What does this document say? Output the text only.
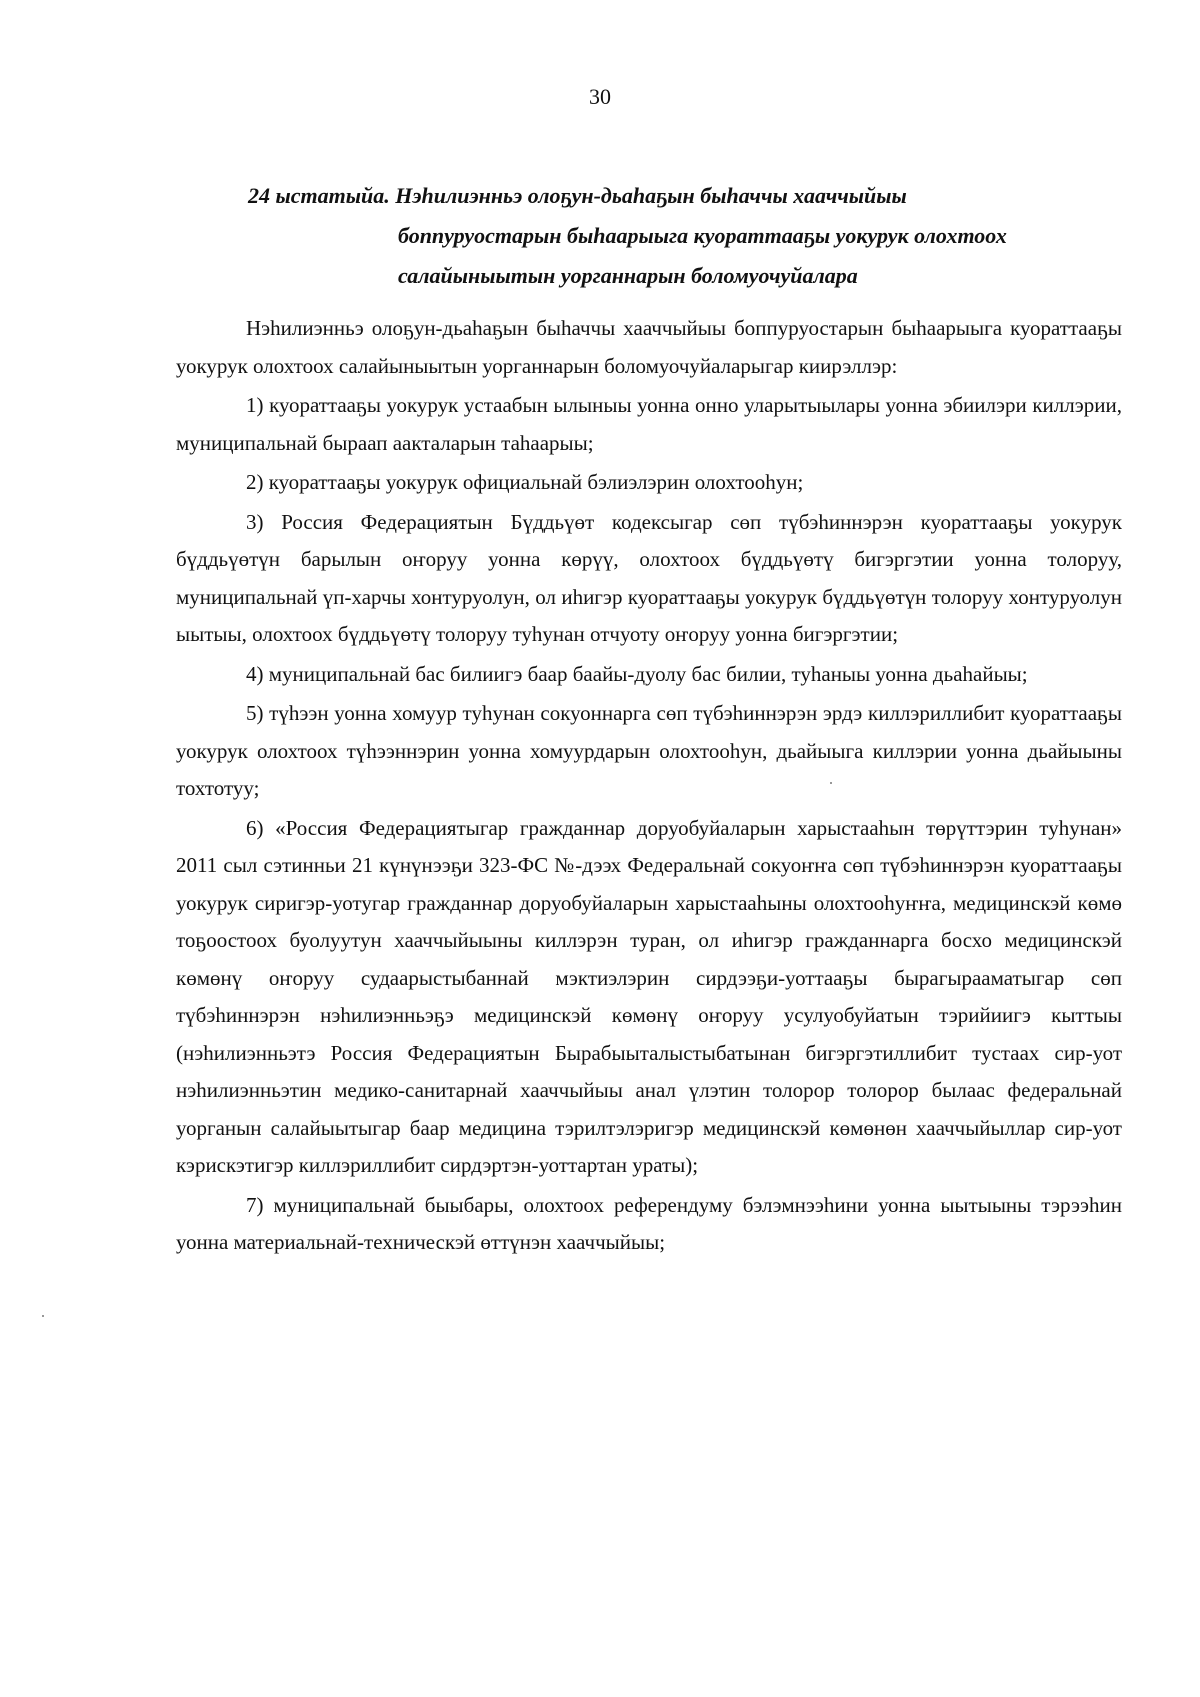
30
24 ыстатыйа. Нэһилиэнньэ олоҕун-дьаһаҕын быһаччы хааччыйыы
боппуруостарын быһаарыыга куораттааҕы уокурук олохтоох
салайыныытын уорганнарын боломуочуйалара

Нэһилиэнньэ олоҕун-дьаһаҕын быһаччы хааччыйыы боппуруостарын быһаарыыга куораттааҕы уокурук олохтоох салайыныытын уорганнарын боломуочуйаларыгар киирэллэр:

1) куораттааҕы уокурук устаабын ылыныы уонна онно уларытыылары уонна эбиилэри киллэрии, муниципальнай быраап аакталарын таһаарыы;

2) куораттааҕы уокурук официальнай бэлиэлэрин олохтооһун;

3) Россия Федерациятын Бүддьүөт кодексыгар сөп түбэһиннэрэн куораттааҕы уокурук бүддьүөтүн барылын оҥоруу уонна көрүү, олохтоох бүддьүөтү бигэргэтии уонна толоруу, муниципальнай үп-харчы хонтуруолун, ол иһигэр куораттааҕы уокурук бүддьүөтүн толоруу хонтуруолун ыытыы, олохтоох бүддьүөтү толоруу туһунан отчуоту оҥоруу уонна бигэргэтии;

4) муниципальнай бас билиигэ баар баайы-дуолу бас билии, туһаныы уонна дьаһайыы;

5) түһээн уонна хомуур туһунан сокуоннарга сөп түбэһиннэрэн эрдэ киллэриллибит куораттааҕы уокурук олохтоох түһээннэрин уонна хомуурдарын олохтооһун, дьайыыга киллэрии уонна дьайыыны тохтотуу;

6) «Россия Федерациятыгар гражданнар доруобуйаларын харыстааһын төрүттэрин туһунан» 2011 сыл сэтинньи 21 күнүнээҕи 323-ФС №-дээх Федеральнай сокуоҥҥа сөп түбэһиннэрэн куораттааҕы уокурук сиригэр-уотугар гражданнар доруобуйаларын харыстааһыны олохтооһуҥҥа, медицинскэй көмө тоҕоостоох буолуутун хааччыйыыны киллэрэн туран, ол иһигэр гражданнарга босхо медицинскэй көмөнү оҥоруу судаарыстыбаннай мэктиэлэрин сирдээҕи-уоттааҕы бырагырааматыгар сөп түбэһиннэрэн нэһилиэнньэҕэ медицинскэй көмөнү оҥоруу усулуобуйатын тэрийиигэ кыттыы (нэһилиэнньэтэ Россия Федерациятын Бырабыыталыстыбатынан бигэргэтиллибит тустаах сир-уот нэһилиэнньэтин медико-санитарнай хааччыйыы анал үлэтин толорор толорор былаас федеральнай уорганын салайыытыгар баар медицина тэрилтэлэригэр медицинскэй көмөнөн хааччыйыллар сир-уот кэрискэтигэр киллэриллибит сирдэртэн-уоттартан ураты);

7) муниципальнай быыбары, олохтоох референдуму бэлэмнээһини уонна ыытыыны тэрээһин уонна материальнай-техническэй өттүнэн хааччыйыы;
